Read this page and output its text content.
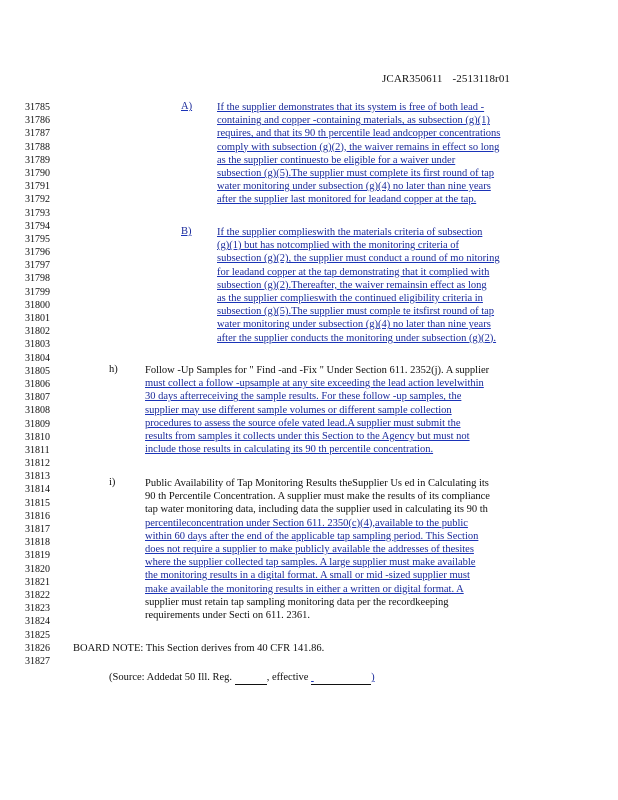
JCAR350611 -2513118r01
31785
31786
31787
31788
31789
31790
31791
31792
31793
31794
31795
31796
31797
31798
31799
31800
31801
31802
31803
31804
31805
31806
31807
31808
31809
31810
31811
31812
31813
31814
31815
31816
31817
31818
31819
31820
31821
31822
31823
31824
31825
31826
31827
A) If the supplier demonstrates that its system is free of both lead -
containing and copper -containing materials, as subsection (g)(1)
requires, and that its 90 th percentile lead andcopper concentrations
comply with subsection (g)(2), the waiver remains in effect so long
as the supplier continuesto be eligible for a waiver under
subsection (g)(5).The supplier must complete its first round of tap
water monitoring under subsection (g)(4) no later than nine years
after the supplier last monitored for leadand copper at the tap.
B) If the supplier complieswith the materials criteria of subsection
(g)(1) but has notcomplied with the monitoring criteria of
subsection (g)(2), the supplier must conduct a round of mo nitoring
for leadand copper at the tap demonstrating that it complied with
subsection (g)(2).Thereafter, the waiver remainsin effect as long
as the supplier complieswith the continued eligibility criteria in
subsection (g)(5).The supplier must comple te itsfirst round of tap
water monitoring under subsection (g)(4) no later than nine years
after the supplier conducts the monitoring under subsection (g)(2).
h)	Follow -Up Samples for " Find -and -Fix " Under Section 611. 2352(j). A supplier
must collect a follow -upsample at any site exceeding the lead action levelwithin
30 days afterreceiving the sample results. For these follow -up samples, the
supplier may use different sample volumes or different sample collection
procedures to assess the source ofele vated lead.A supplier must submit the
results from samples it collects under this Section to the Agency but must not
include those results in calculating its 90 th percentile concentration.
i)	Public Availability of Tap Monitoring Results theSupplier Us ed in Calculating its
90 th Percentile Concentration. A supplier must make the results of its compliance
tap water monitoring data, including data the supplier used in calculating its 90 th
percentileconcentration under Section 611. 2350(c)(4),available to the public
within 60 days after the end of the applicable tap sampling period. This Section
does not require a supplier to make publicly available the addresses of thesites
where the supplier collected tap samples. A large supplier must make available
the monitoring results in a digital format. A small or mid -sized supplier must
make available the monitoring results in either a written or digital format. A
supplier must retain tap sampling monitoring data per the recordkeeping
requirements under Secti on 611. 2361.
BOARD NOTE: This Section derives from 40 CFR 141.86.
(Source: Addedat 50 Ill. Reg.	, effective	)
